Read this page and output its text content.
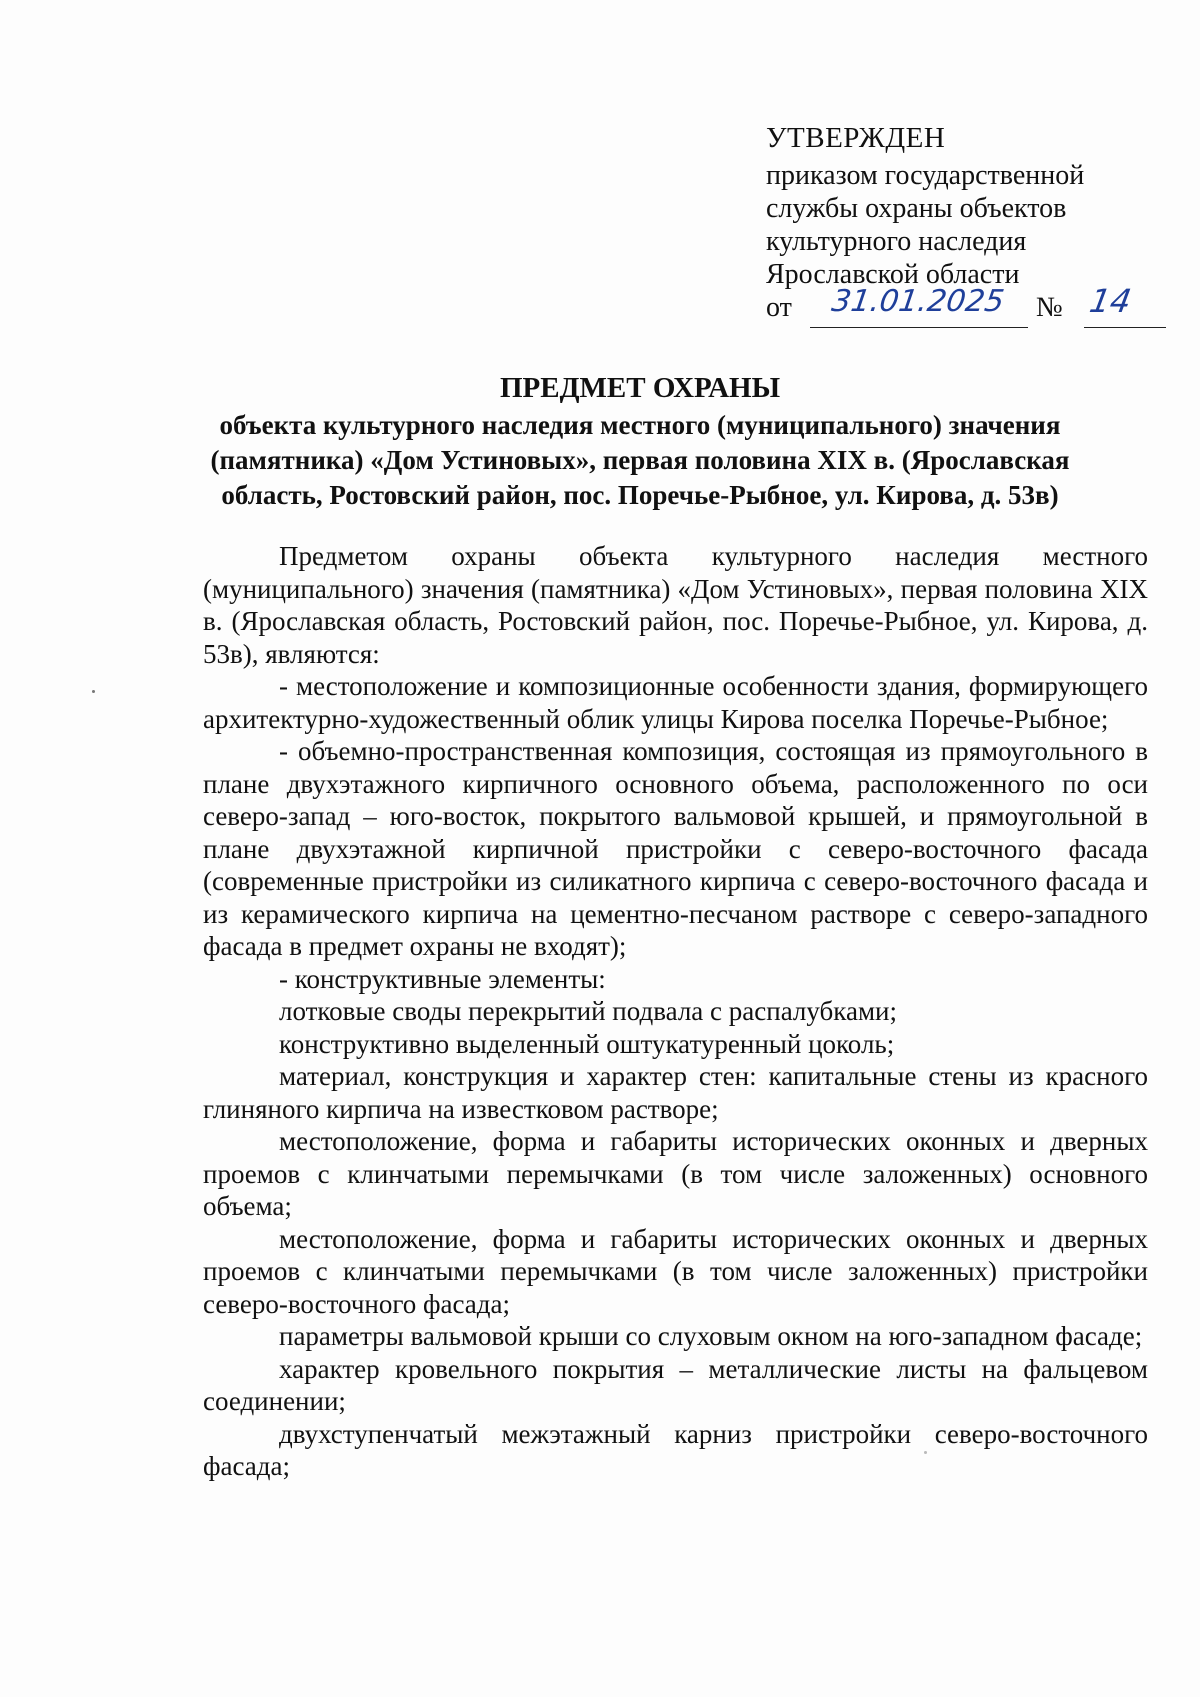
УТВЕРЖДЕН
приказом государственной
службы охраны объектов
культурного наследия
Ярославской области
от 31.01.2025 № 14
ПРЕДМЕТ ОХРАНЫ
объекта культурного наследия местного (муниципального) значения
(памятника) «Дом Устиновых», первая половина XIX в. (Ярославская
область, Ростовский район, пос. Поречье-Рыбное, ул. Кирова, д. 53в)

Предметом охраны объекта культурного наследия местного (муниципального) значения (памятника) «Дом Устиновых», первая половина XIX в. (Ярославская область, Ростовский район, пос. Поречье-Рыбное, ул. Кирова, д. 53в), являются:

- местоположение и композиционные особенности здания, формирующего архитектурно-художественный облик улицы Кирова поселка Поречье-Рыбное;

- объемно-пространственная композиция, состоящая из прямоугольного в плане двухэтажного кирпичного основного объема, расположенного по оси северо-запад – юго-восток, покрытого вальмовой крышей, и прямоугольной в плане двухэтажной кирпичной пристройки с северо-восточного фасада (современные пристройки из силикатного кирпича с северо-восточного фасада и из керамического кирпича на цементно-песчаном растворе с северо-западного фасада в предмет охраны не входят);

- конструктивные элементы:

лотковые своды перекрытий подвала с распалубками;

конструктивно выделенный оштукатуренный цоколь;

материал, конструкция и характер стен: капитальные стены из красного глиняного кирпича на известковом растворе;

местоположение, форма и габариты исторических оконных и дверных проемов с клинчатыми перемычками (в том числе заложенных) основного объема;

местоположение, форма и габариты исторических оконных и дверных проемов с клинчатыми перемычками (в том числе заложенных) пристройки северо-восточного фасада;

параметры вальмовой крыши со слуховым окном на юго-западном фасаде;

характер кровельного покрытия – металлические листы на фальцевом соединении;

двухступенчатый межэтажный карниз пристройки северо-восточного фасада;
